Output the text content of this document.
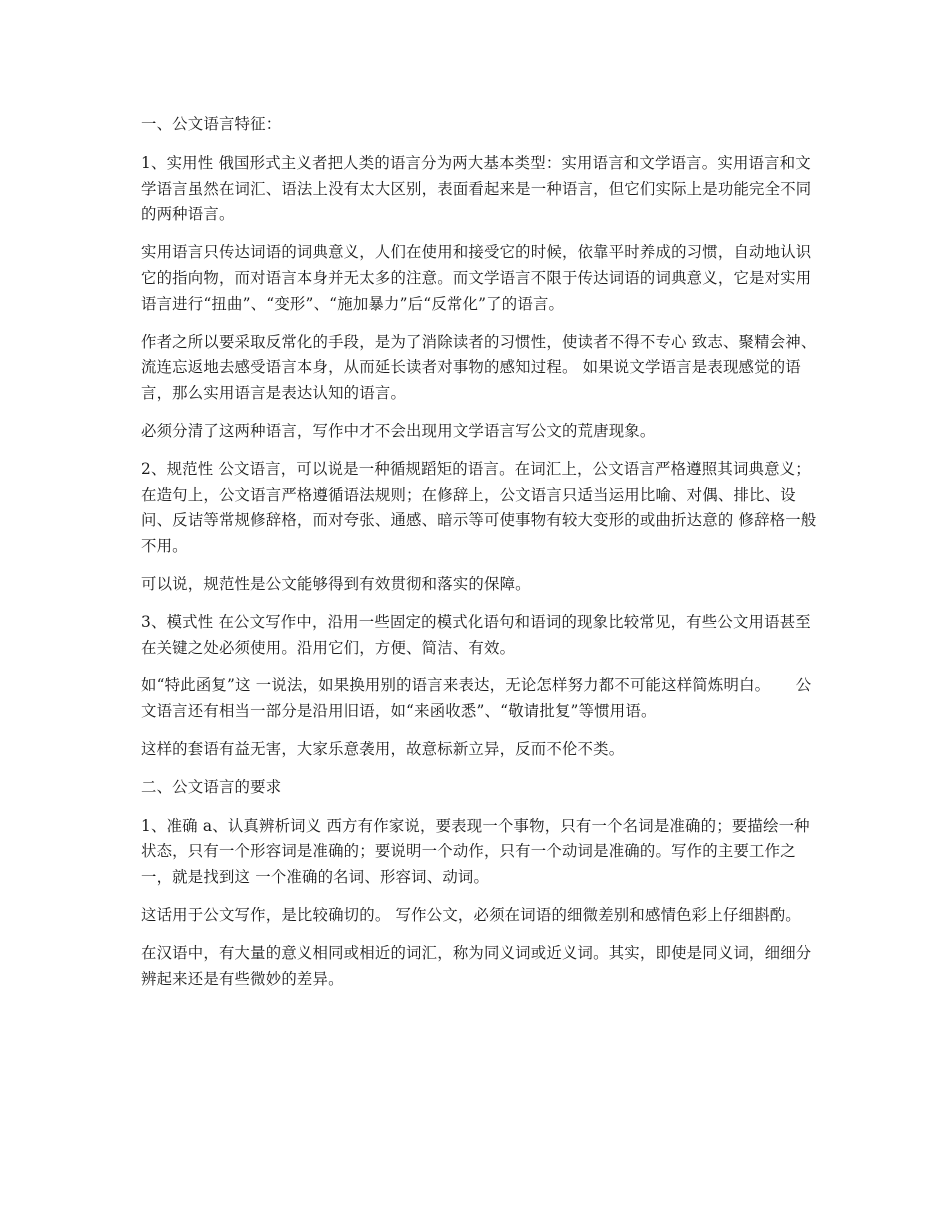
一、公文语言特征：

1、实用性 俄国形式主义者把人类的语言分为两大基本类型：实用语言和文学语言。实用语言和文学语言虽然在词汇、语法上没有太大区别，表面看起来是一种语言，但它们实际上是功能完全不同的两种语言。

实用语言只传达词语的词典意义，人们在使用和接受它的时候，依靠平时养成的习惯，自动地认识它的指向物，而对语言本身并无太多的注意。而文学语言不限于传达词语的词典意义，它是对实用语言进行“扭曲”、“变形”、“施加暴力”后“反常化”了的语言。

作者之所以要采取反常化的手段，是为了消除读者的习惯性，使读者不得不专心 致志、聚精会神、流连忘返地去感受语言本身，从而延长读者对事物的感知过程。 如果说文学语言是表现感觉的语言，那么实用语言是表达认知的语言。

必须分清了这两种语言，写作中才不会出现用文学语言写公文的荒唐现象。

2、规范性 公文语言，可以说是一种循规蹈矩的语言。在词汇上，公文语言严格遵照其词典意义；在造句上，公文语言严格遵循语法规则；在修辞上，公文语言只适当运用比喻、对偶、排比、设问、反诘等常规修辞格，而对夸张、通感、暗示等可使事物有较大变形的或曲折达意的 修辞格一般不用。

可以说，规范性是公文能够得到有效贯彻和落实的保障。

3、模式性 在公文写作中，沿用一些固定的模式化语句和语词的现象比较常见，有些公文用语甚至在关键之处必须使用。沿用它们，方便、简洁、有效。

如“特此函复”这 一说法，如果换用别的语言来表达，无论怎样努力都不可能这样简炼明白。     公文语言还有相当一部分是沿用旧语，如“来函收悉”、“敬请批复”等惯用语。

这样的套语有益无害，大家乐意袭用，故意标新立异，反而不伦不类。

二、公文语言的要求

1、准确 a、认真辨析词义 西方有作家说，要表现一个事物，只有一个名词是准确的；要描绘一种状态，只有一个形容词是准确的；要说明一个动作，只有一个动词是准确的。写作的主要工作之一，就是找到这 一个准确的名词、形容词、动词。

这话用于公文写作，是比较确切的。 写作公文，必须在词语的细微差别和感情色彩上仔细斟酌。

在汉语中，有大量的意义相同或相近的词汇，称为同义词或近义词。其实，即使是同义词，细细分辨起来还是有些微妙的差异。
